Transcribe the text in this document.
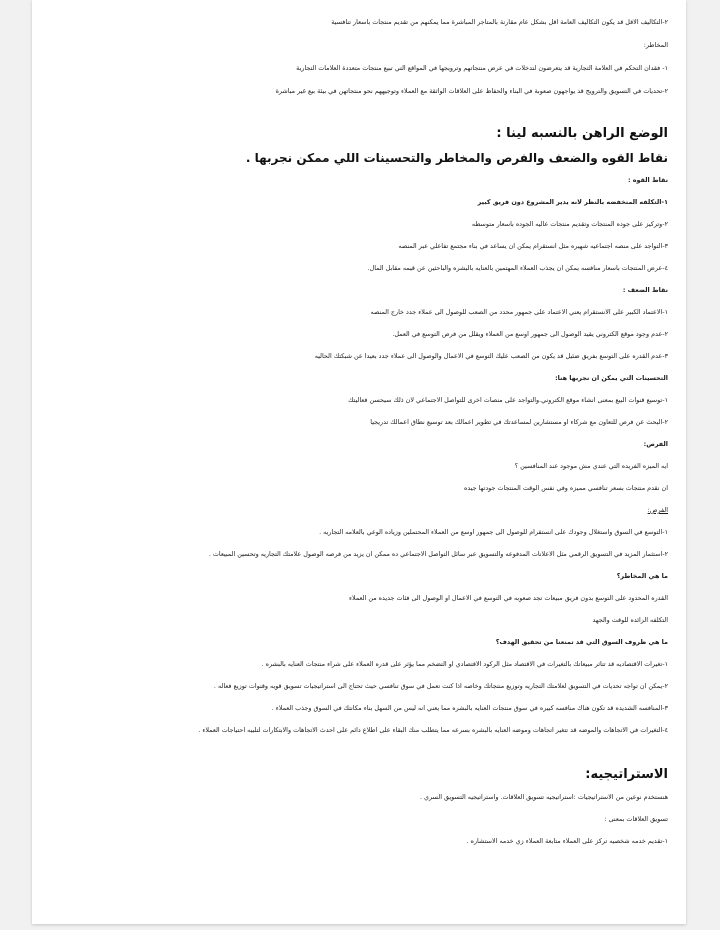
٢-التكاليف الاقل قد يكون التكاليف العامة اقل بشكل عام مقارنة بالمتاجر المباشرة مما يمكنهم من تقديم منتجات باسعار تنافسية

المخاطر:

١- فقدان التحكم في العلامة التجارية قد يتعرضون لتدخلات في عرض منتجاتهم وترويجها في المواقع التي تبيع منتجات متعددة العلامات التجارية

٢-تحديات في التسويق والترويج قد يواجهون صعوبة في البناء والحفاظ على العلاقات الواثقة مع العملاء وتوجيههم نحو منتجاتهن في بيئة بيع غير مباشرة

الوضع الراهن بالنسبه لينا :
نقاط القوه والضعف والفرص والمخاطر والتحسينات اللي ممكن نجربها .

نقاط القوه :

١-التكلفه المنخفضه بالنظر لانه يدير المشروع دون فريق كبير

٢-وتركيز على جوده المنتجات وتقديم منتجات عاليه الجوده باسعار متوسطه

٣-التواجد على منصه اجتماعيه شهيره مثل انستقرام يمكن ان يساعد في بناء مجتمع تفاعلي عبر المنصه

٤-عرض المنتجات باسعار منافسه يمكن ان يجذب العملاء المهتمين بالعنايه بالبشره والباحثين عن قيمه مقابل المال.

نقاط الضعف :

١-الاعتماد الكبير على الانستقرام يعني الاعتماد على جمهور محدد من الصعب للوصول الى عملاء جدد خارج المنصه

٢-عدم وجود موقع الكتروني يقيد الوصول الى جمهور اوسع من العملاء ويقلل من فرص التوسع في العمل.

٣-عدم القدره على التوسع بفريق ضئيل قد يكون من الصعب عليك التوسع في الاعمال والوصول الى عملاء جدد بعيدا عن شبكتك الحاليه

التحسينات التي يمكن ان نجربها هنا:

١-توسيع قنوات البيع بمعنى انشاء موقع الكتروني.والتواجد على منصات اخرى للتواصل الاجتماعي لان ذلك سيحسن فعاليتك

٢-البحث عن فرص للتعاون مع شركاء او مستشارين لمساعدتك في تطوير اعمالك بعد توسيع نطاق اعمالك تدريجيا

الفرص:

ايه الميزه الفريده التي عندي مش موجود عند المنافسين ؟

ان نقدم منتجات بسعر تنافسي مميزه وفي نفس الوقت المنتجات جودتها جيده

الفرص:

١-التوسع في السوق واستغلال وجودك على انستقرام للوصول الى جمهور اوسع من العملاء المحتملين وزياده الوعي بالعلامه التجاريه .

٢-استثمار المزيد في التسويق الرقمي مثل الاعلانات المدفوعه والتسويق عبر سائل التواصل الاجتماعي ده ممكن ان يزيد من فرصه الوصول علامتك التجاريه وتحسين المبيعات .

ما هي المخاطر؟

القدره المحدود على التوسع بدون فريق مبيعات تجد صعوبه في التوسع في الاعمال او الوصول الى فئات جديده من العملاء

التكلفه الزائده للوقت والجهد

ما هي ظروف السوق التي قد تمنعنا من تحقيق الهدف؟

١-تغيرات الاقتصاديه قد تتاثر مبيعاتك بالتغيرات في الاقتصاد مثل الركود الاقتصادي او التضخم مما يؤثر على قدره العملاء على شراء منتجات العنايه بالبشره .

٢-يمكن ان تواجه تحديات في التسويق لعلامتك التجاريه وتوزيع منتجاتك وخاصه اذا كنت تعمل في سوق تنافسي حيث تحتاج الى استراتيجيات تسويق قويه وقنوات توزيع فعاله .

٣-المنافسه الشديده قد تكون هناك منافسه كبيره في سوق منتجات العنايه بالبشره مما يعني انه ليس من السهل بناء مكانتك في السوق وجذب العملاء .

٤-التغيرات في الاتجاهات والموضه قد تتغير اتجاهات وموضه العنايه بالبشره بسرعه مما يتطلب منك البقاء على اطلاع دائم على احدث الاتجاهات والابتكارات لتلبيه احتياجات العملاء .

الاستراتيجيه:

هنستخدم نوعين من الاستراتيجيات :استراتيجيه تسويق العلاقات. واستراتيجيه التسويق السري .

تسويق العلاقات بمعنى :

١-تقديم خدمه شخصيه تركز على العملاء متابعة العملاء زي خدمه الاستشاره .
